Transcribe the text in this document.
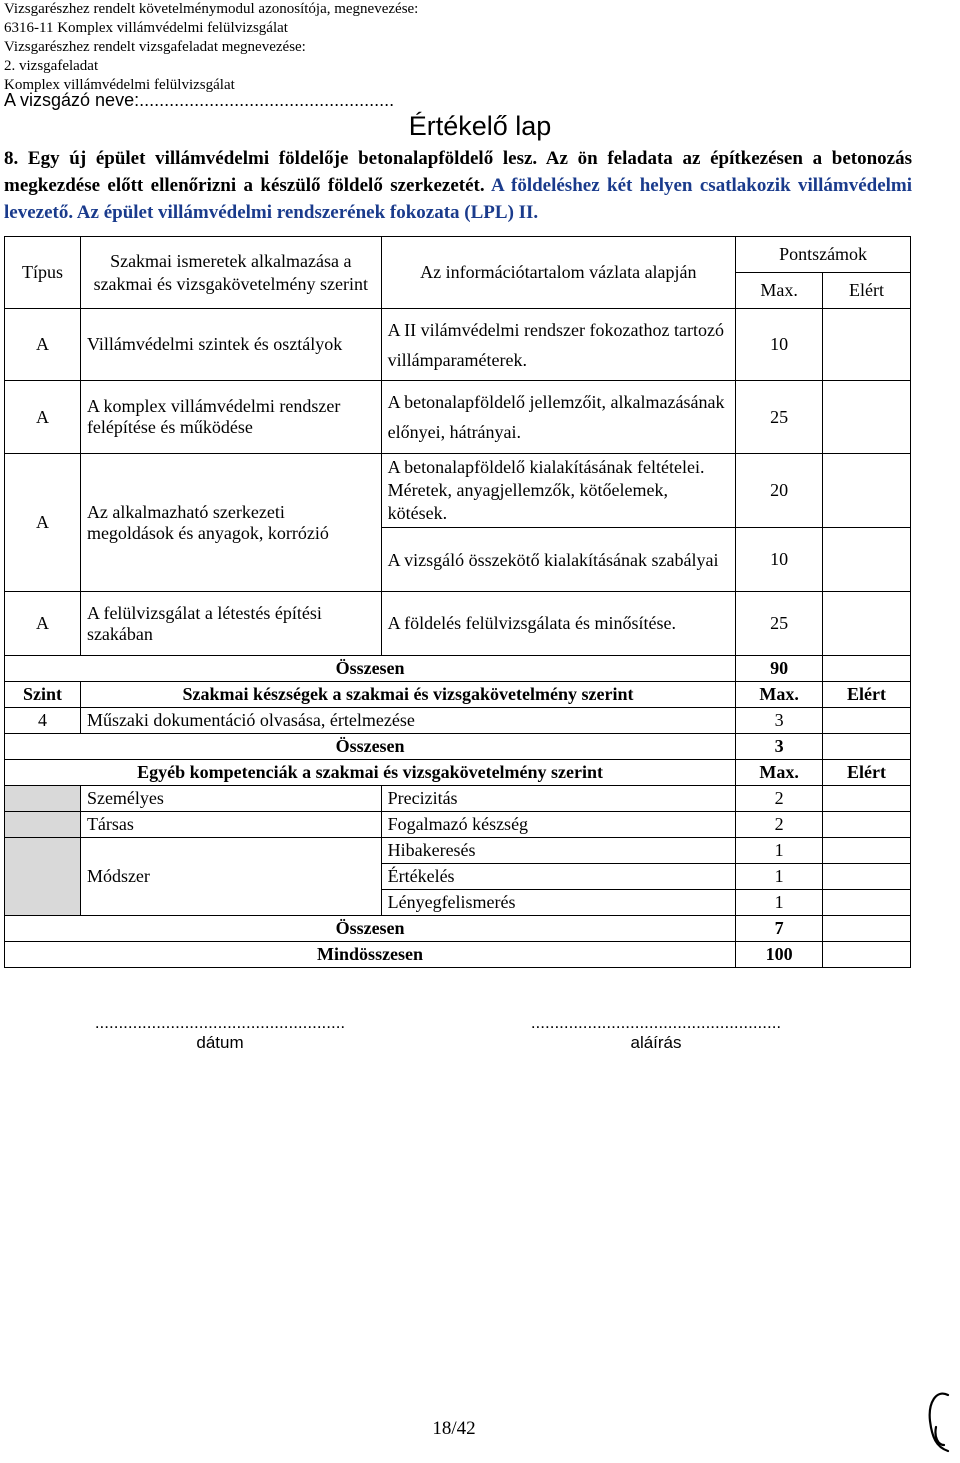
Vizsgarészhez rendelt követelménymodul azonosítója, megnevezése:
6316-11 Komplex villámvédelmi felülvizsgálat
Vizsgarészhez rendelt vizsgafeladat megnevezése:
2. vizsgafeladat
Komplex villámvédelmi felülvizsgálat
A vizsgázó neve:...................................................
Értékelő lap
8. Egy új épület villámvédelmi földelője betonalapföldelő lesz. Az ön feladata az építkezésen a betonozás megkezdése előtt ellenőrizni a készülő földelő szerkezetét. A földeléshez két helyen csatlakozik villámvédelmi levezető. Az épület villámvédelmi rendszerének fokozata (LPL) II.
Típus	Szakmai ismeretek alkalmazása a szakmai és vizsgakövetelmény szerint	Az információtartalom vázlata alapján	Pontszámok	
			Max.	Elért
A	Villámvédelmi szintek és osztályok	A II vilámvédelmi rendszer fokozathoz tartozó villámparaméterek.	10	
A	A komplex villámvédelmi rendszer felépítése és működése	A betonalapföldelő jellemzőit, alkalmazásának előnyei, hátrányai.	25	
A	Az alkalmazható szerkezeti megoldások és anyagok, korrózió	A betonalapföldelő kialakításának feltételei. Méretek, anyagjellemzők, kötőelemek, kötések.	20	
		A vizsgáló összekötő kialakításának szabályai	10	
A	A felülvizsgálat a létestés építési szakában	A földelés felülvizsgálata és minősítése.	25	
Összesen			90	
Szint	Szakmai készségek a szakmai és vizsgakövetelmény szerint		Max.	Elért
4	Műszaki dokumentáció olvasása, értelmezése		3	
Összesen			3	
Egyéb kompetenciák a szakmai és vizsgakövetelmény szerint			Max.	Elért
	Személyes	Precizitás	2	
	Társas	Fogalmazó készség	2	
	Módszer	Hibakeresés	1	
		Értékelés	1	
		Lényegfelismerés	1	
Összesen			7	
Mindösszesen			100	
.....................................................
dátum
.....................................................
aláírás
18/42
